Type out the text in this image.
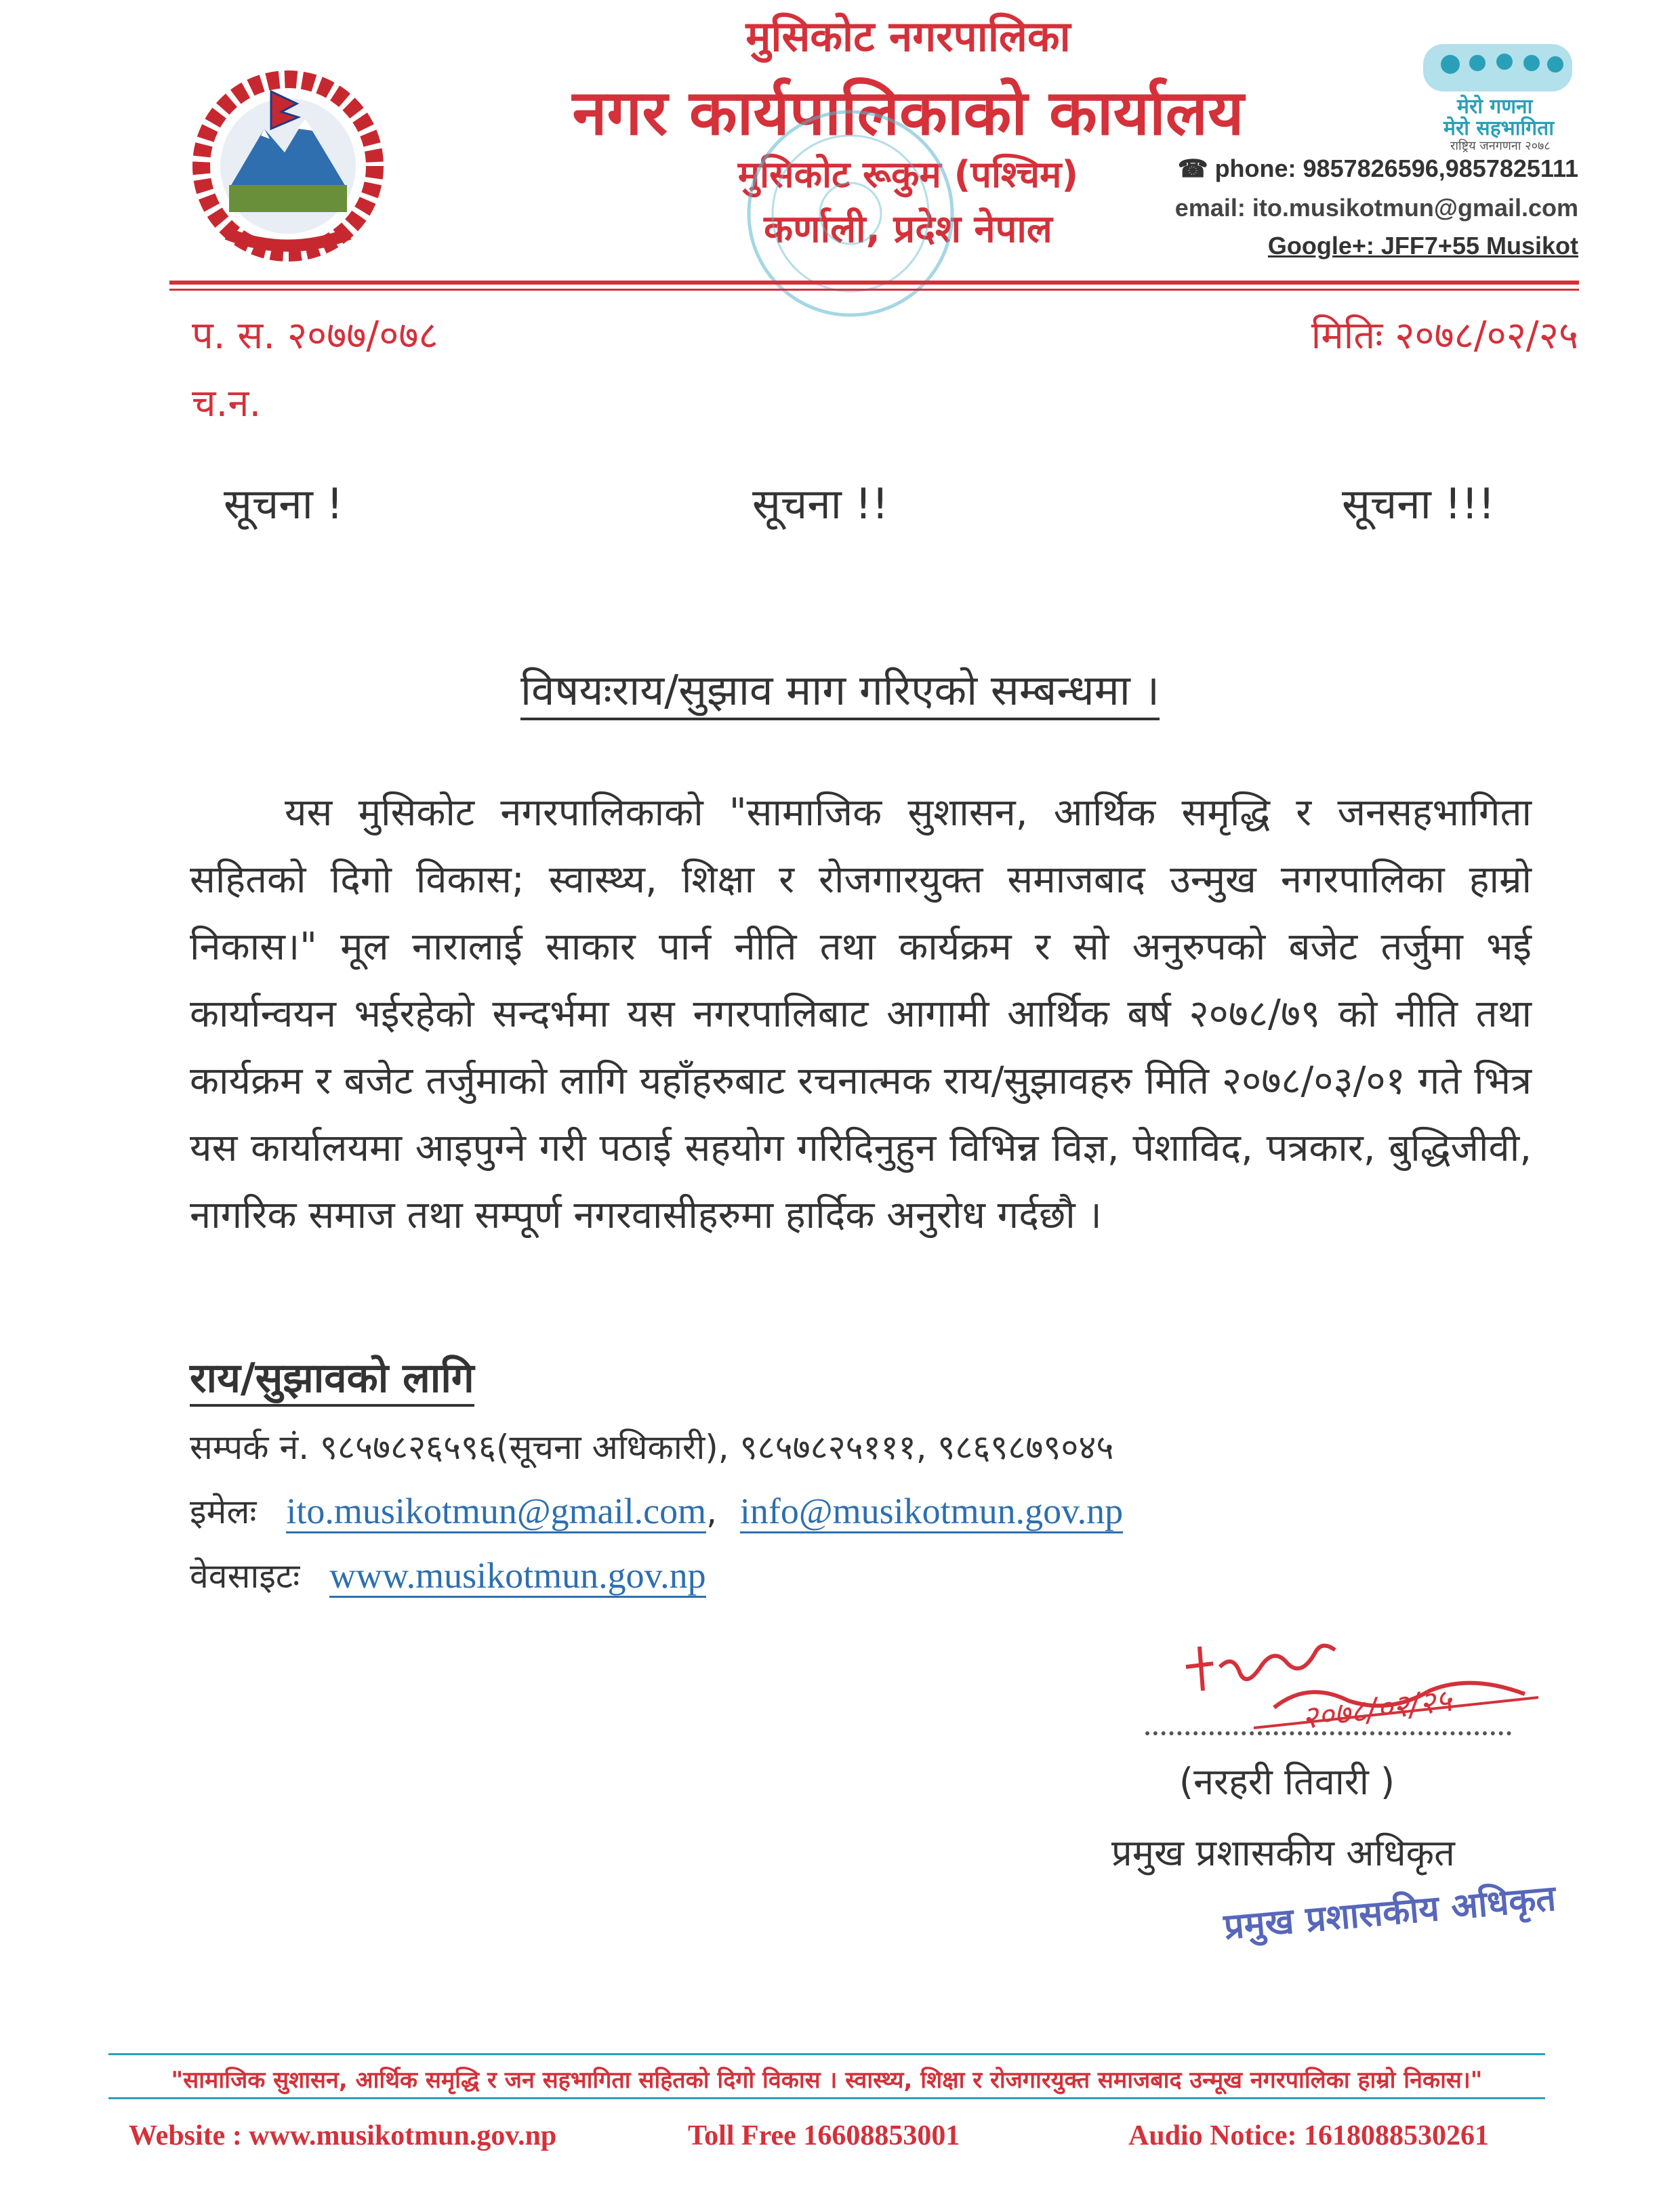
मुसिकोट नगरपालिका
नगर कार्यपालिकाको कार्यालय
मुसिकोट रूकुम (पश्चिम)
कर्णाली, प्रदेश नेपाल
मेरो गणना
मेरो सहभागिता
राष्ट्रिय जनगणना २०७८
☎ phone: 9857826596,9857825111
email: ito.musikotmun@gmail.com
Google+: JFF7+55 Musikot
प. स. २०७७/०७८
च.न.
मितिः २०७८/०२/२५
सूचना !	सूचना !!	सूचना !!!
विषयःराय/सुझाव माग गरिएको सम्बन्धमा ।
यस मुसिकोट नगरपालिकाको "सामाजिक सुशासन, आर्थिक समृद्धि र जनसहभागिता सहितको दिगो विकास; स्वास्थ्य, शिक्षा र रोजगारयुक्त समाजबाद उन्मुख नगरपालिका हाम्रो निकास।" मूल नारालाई साकार पार्न नीति तथा कार्यक्रम र सो अनुरुपको बजेट तर्जुमा भई कार्यान्वयन भईरहेको सन्दर्भमा यस नगरपालिबाट आगामी आर्थिक बर्ष २०७८/७९ को नीति तथा कार्यक्रम र बजेट तर्जुमाको लागि यहाँहरुबाट रचनात्मक राय/सुझावहरु मिति २०७८/०३/०१ गते भित्र यस कार्यालयमा आइपुग्ने गरी पठाई सहयोग गरिदिनुहुन विभिन्न विज्ञ, पेशाविद, पत्रकार, बुद्धिजीवी, नागरिक समाज तथा सम्पूर्ण नगरवासीहरुमा हार्दिक अनुरोध गर्दछौ ।
राय/सुझावको लागि
सम्पर्क नं. ९८५७८२६५९६(सूचना अधिकारी), ९८५७८२५१११, ९८६९८७९०४५
इमेलः ito.musikotmun@gmail.com, info@musikotmun.gov.np
वेवसाइटः www.musikotmun.gov.np
२०७८/०२/२५
(नरहरी तिवारी )
प्रमुख प्रशासकीय अधिकृत
प्रमुख प्रशासकीय अधिकृत
"सामाजिक सुशासन, आर्थिक समृद्धि र जन सहभागिता सहितको दिगो विकास । स्वास्थ्य, शिक्षा र रोजगारयुक्त समाजबाद उन्मूख नगरपालिका हाम्रो निकास।"
Website : www.musikotmun.gov.np	Toll Free 16608853001	Audio Notice: 1618088530261
